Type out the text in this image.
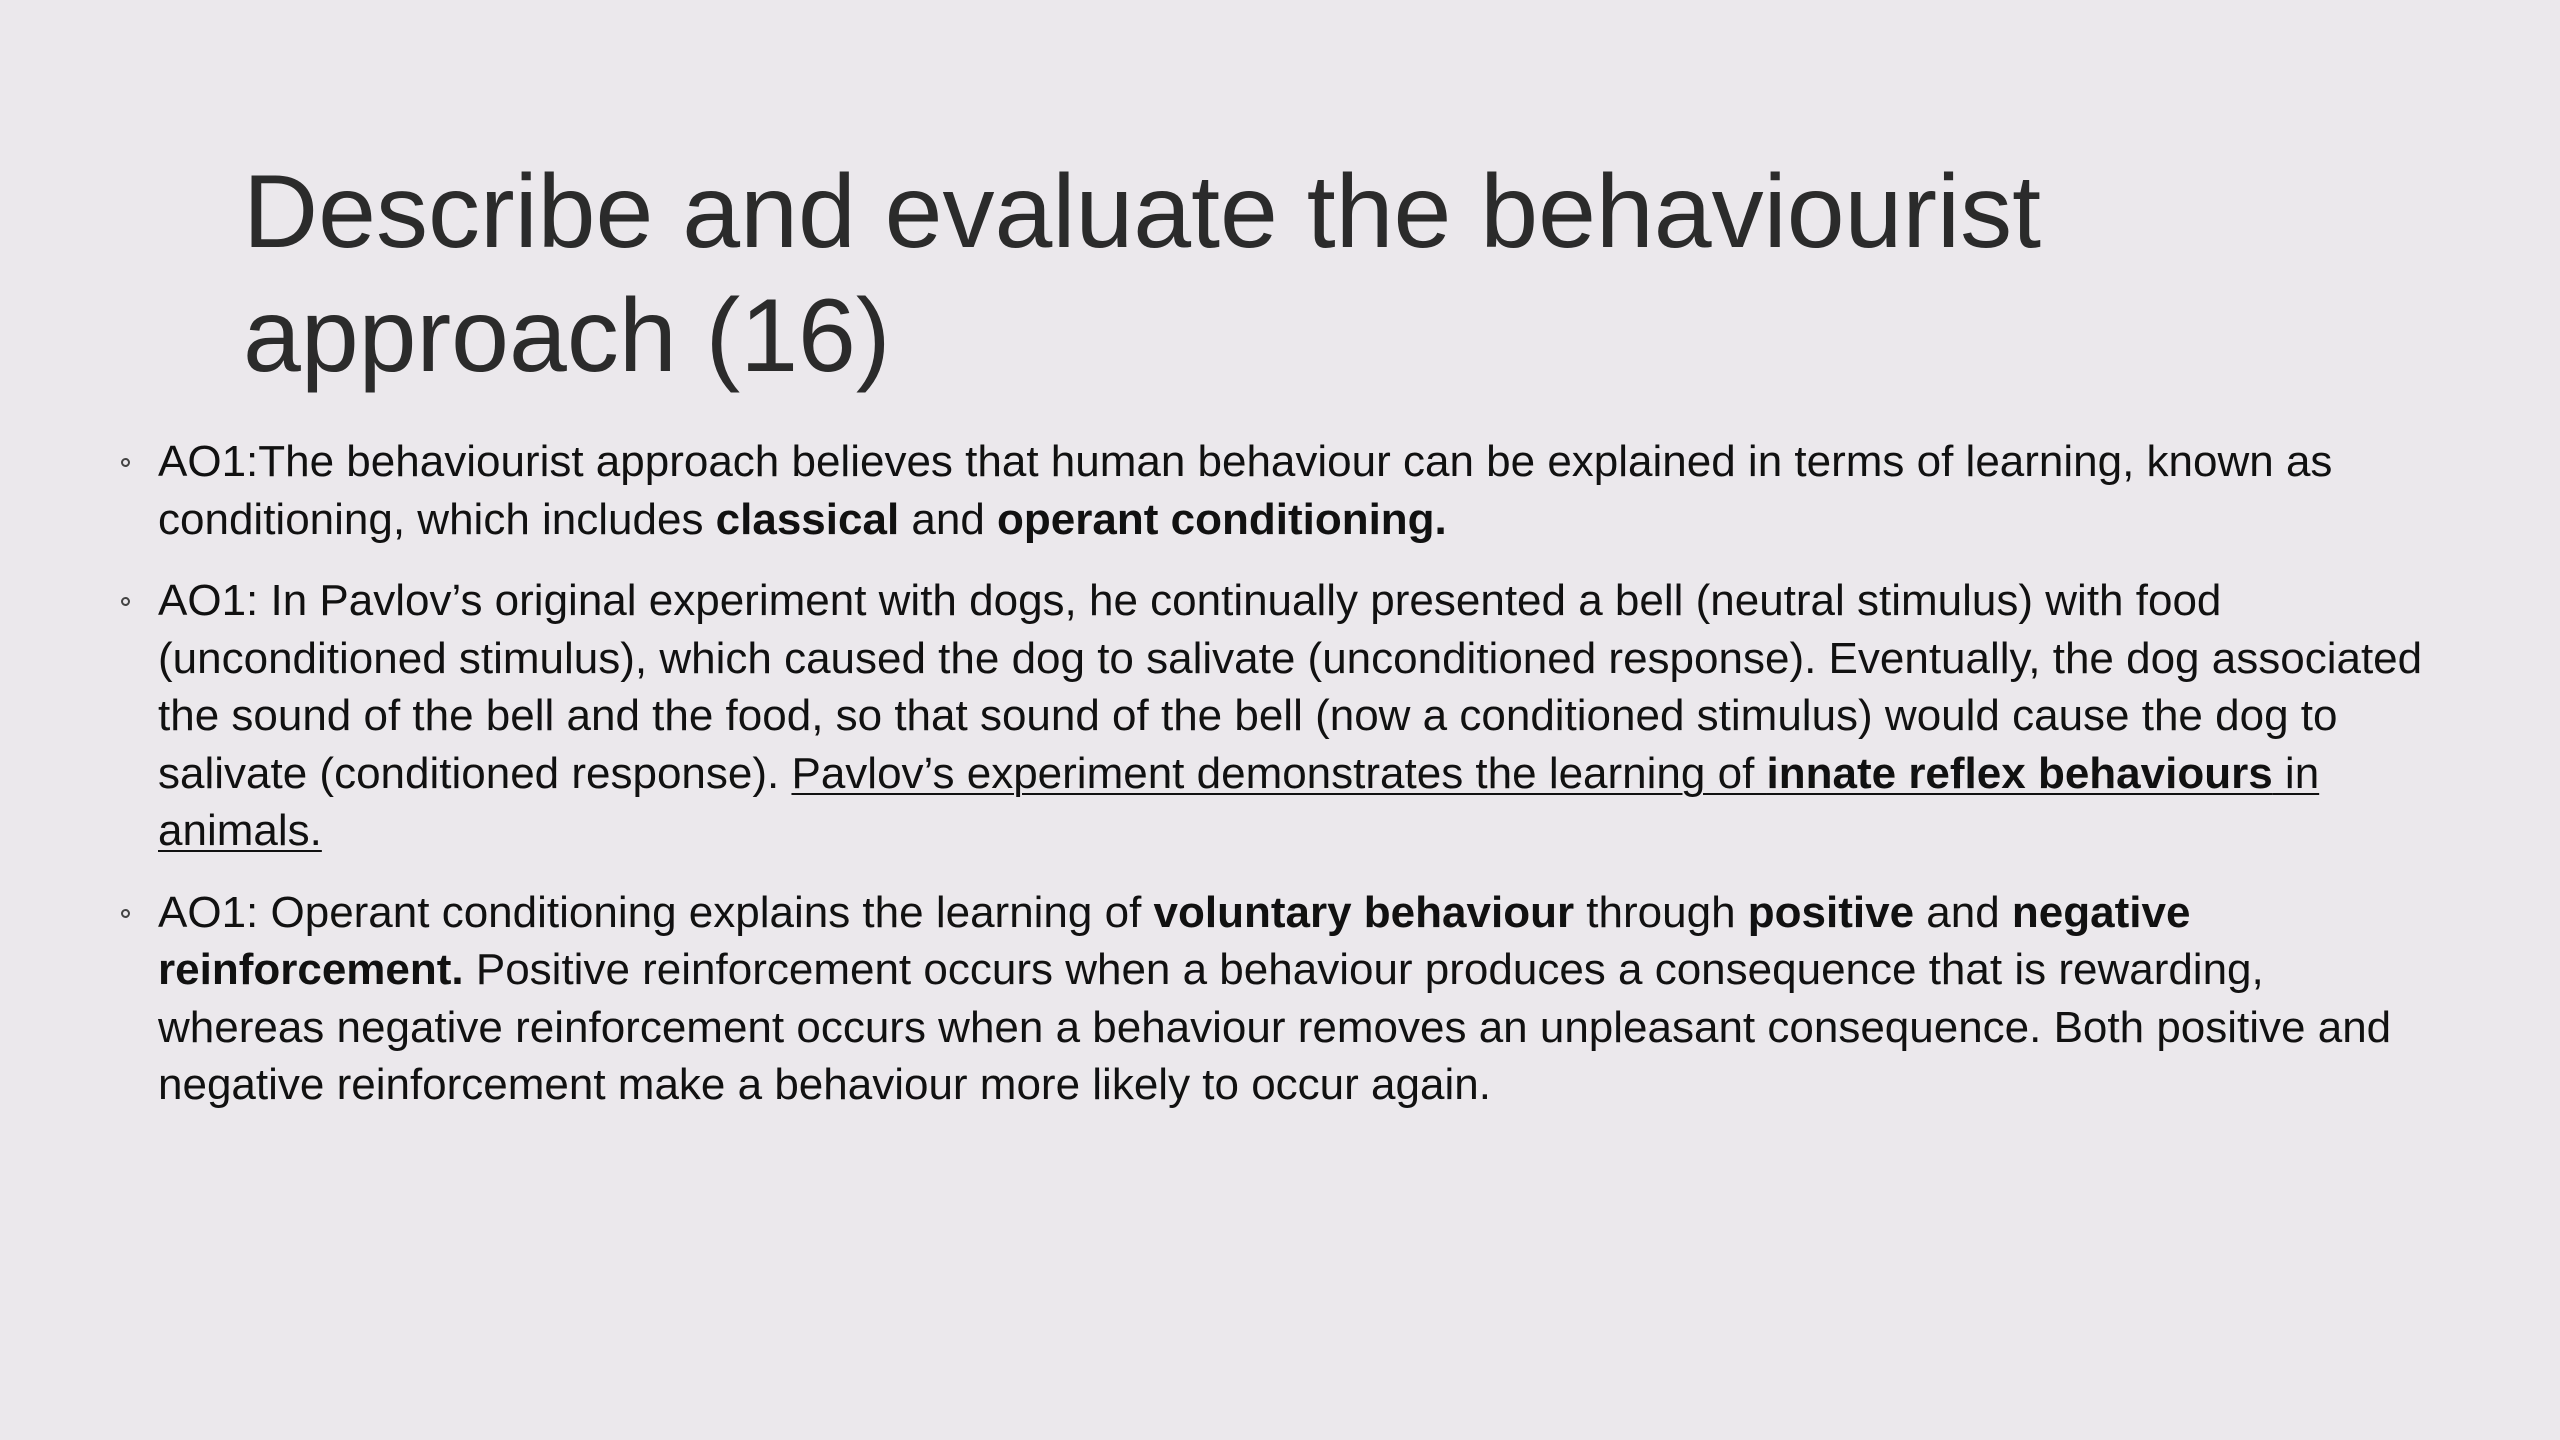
Describe and evaluate the behaviourist
approach (16)
AO1:The behaviourist approach believes that human behaviour can be explained in terms of learning, known as
conditioning, which includes classical and operant conditioning.
AO1: In Pavlov’s original experiment with dogs, he continually presented a bell (neutral stimulus) with food
(unconditioned stimulus), which caused the dog to salivate (unconditioned response). Eventually, the dog associated
the sound of the bell and the food, so that sound of the bell (now a conditioned stimulus) would cause the dog to
salivate (conditioned response). Pavlov’s experiment demonstrates the learning of innate reflex behaviours in
animals.
AO1: Operant conditioning explains the learning of voluntary behaviour through positive and negative
reinforcement. Positive reinforcement occurs when a behaviour produces a consequence that is rewarding,
whereas negative reinforcement occurs when a behaviour removes an unpleasant consequence. Both positive and
negative reinforcement make a behaviour more likely to occur again.
